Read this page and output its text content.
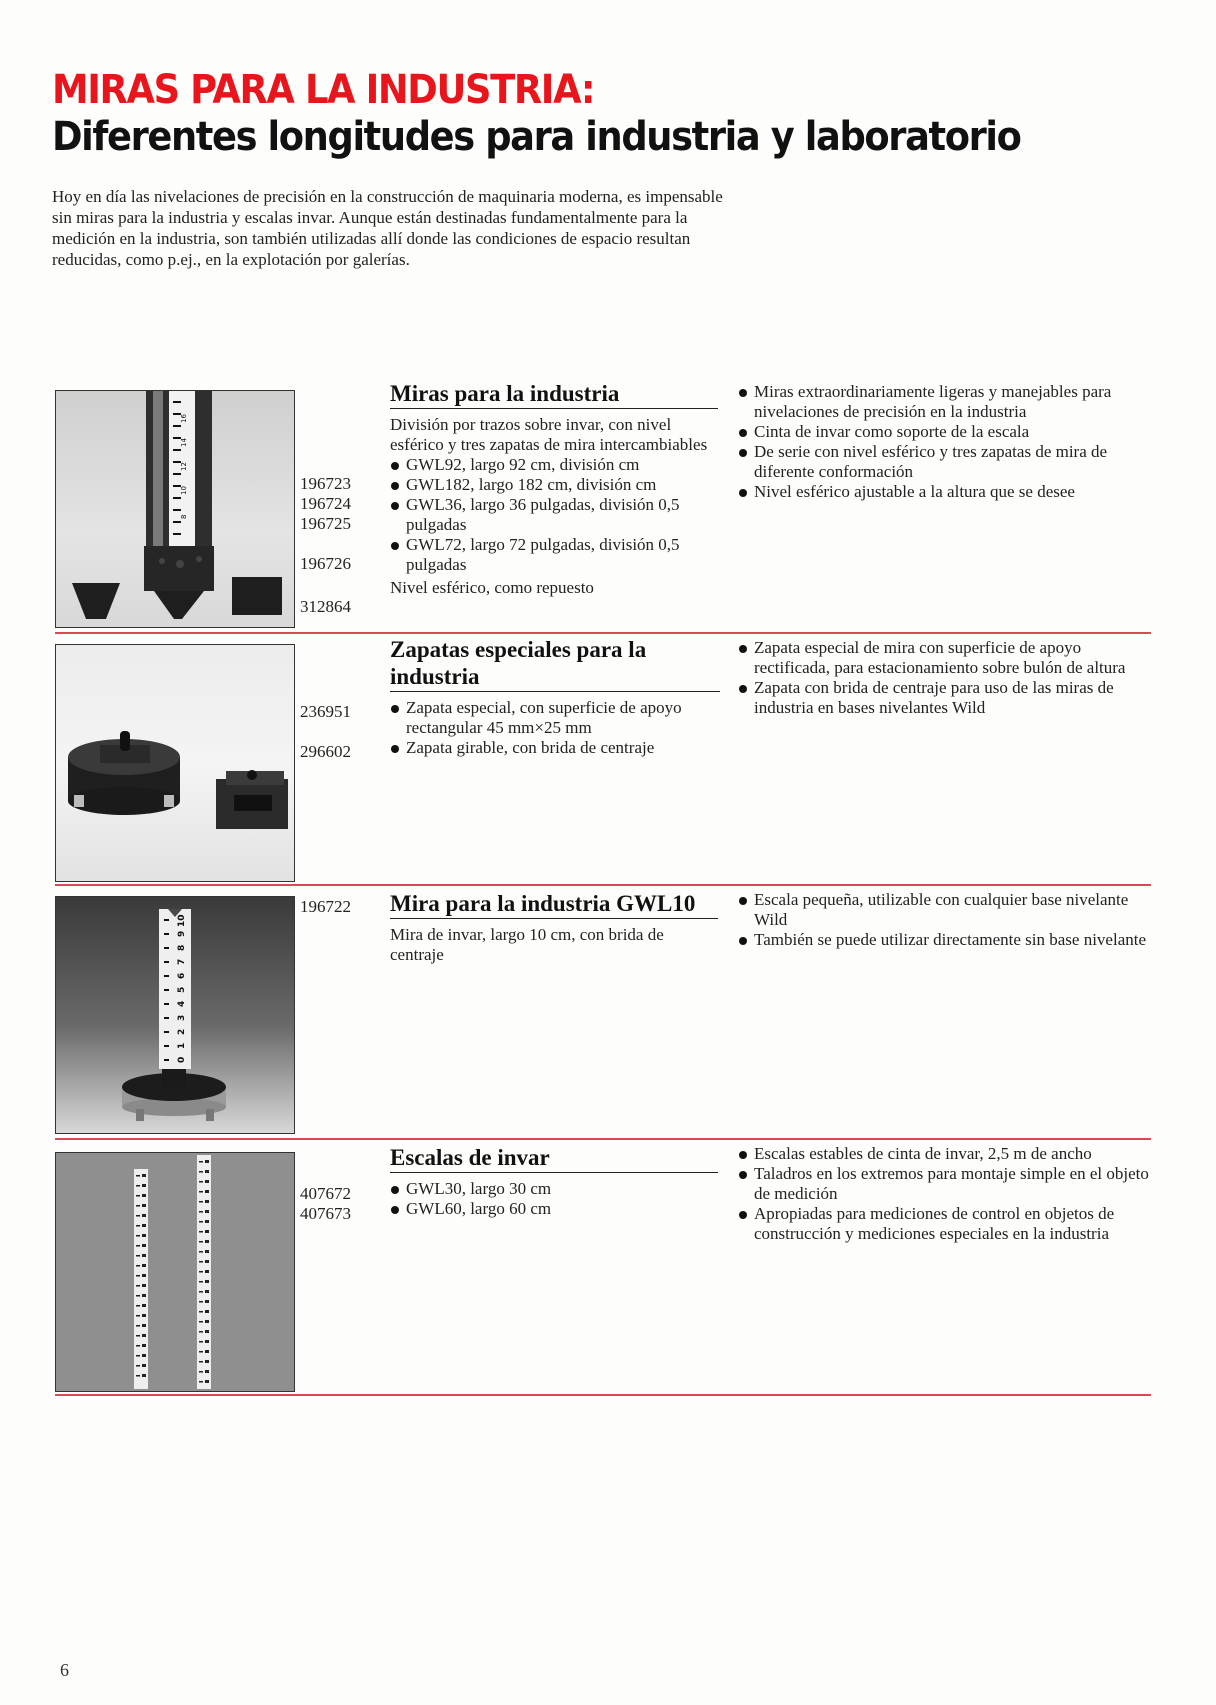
MIRAS PARA LA INDUSTRIA:
Diferentes longitudes para industria y laboratorio

Hoy en día las nivelaciones de precisión en la construcción de maquinaria moderna, es impensable sin miras para la industria y escalas invar. Aunque están destinadas fundamentalmente para la medición en la industria, son también utilizadas allí donde las condiciones de espacio resultan reducidas, como p.ej., en la explotación por galerías.

8
10
12
14
16
Miras para la industria

División por trazos sobre invar, con nivel esférico y tres zapatas de mira intercambiables

GWL92, largo 92 cm, división cm
GWL182, largo 182 cm, división cm
GWL36, largo 36 pulgadas, división 0,5 pulgadas
GWL72, largo 72 pulgadas, división 0,5 pulgadas

Nivel esférico, como repuesto

196723
196724
196725
196726
312864
Miras extraordinariamente ligeras y manejables para nivelaciones de precisión en la industria
Cinta de invar como soporte de la escala
De serie con nivel esférico y tres zapatas de mira de diferente conformación
Nivel esférico ajustable a la altura que se desee
Zapatas especiales para la industria
Zapata especial, con superficie de apoyo rectangular 45 mm×25 mm
Zapata girable, con brida de centraje
236951
296602
Zapata especial de mira con superficie de apoyo rectificada, para estacionamiento sobre bulón de altura
Zapata con brida de centraje para uso de las miras de industria en bases nivelantes Wild
0
1
2
3
4
5
6
7
8
9
10
196722	Mira para la industria GWL10

Mira de invar, largo 10 cm, con brida de centraje

Escala pequeña, utilizable con cualquier base nivelante Wild
También se puede utilizar directamente sin base nivelante
Escalas de invar
GWL30, largo 30 cm
GWL60, largo 60 cm
407672
407673
Escalas estables de cinta de invar, 2,5 m de ancho
Taladros en los extremos para montaje simple en el objeto de medición
Apropiadas para mediciones de control en objetos de construcción y mediciones especiales en la industria
6
